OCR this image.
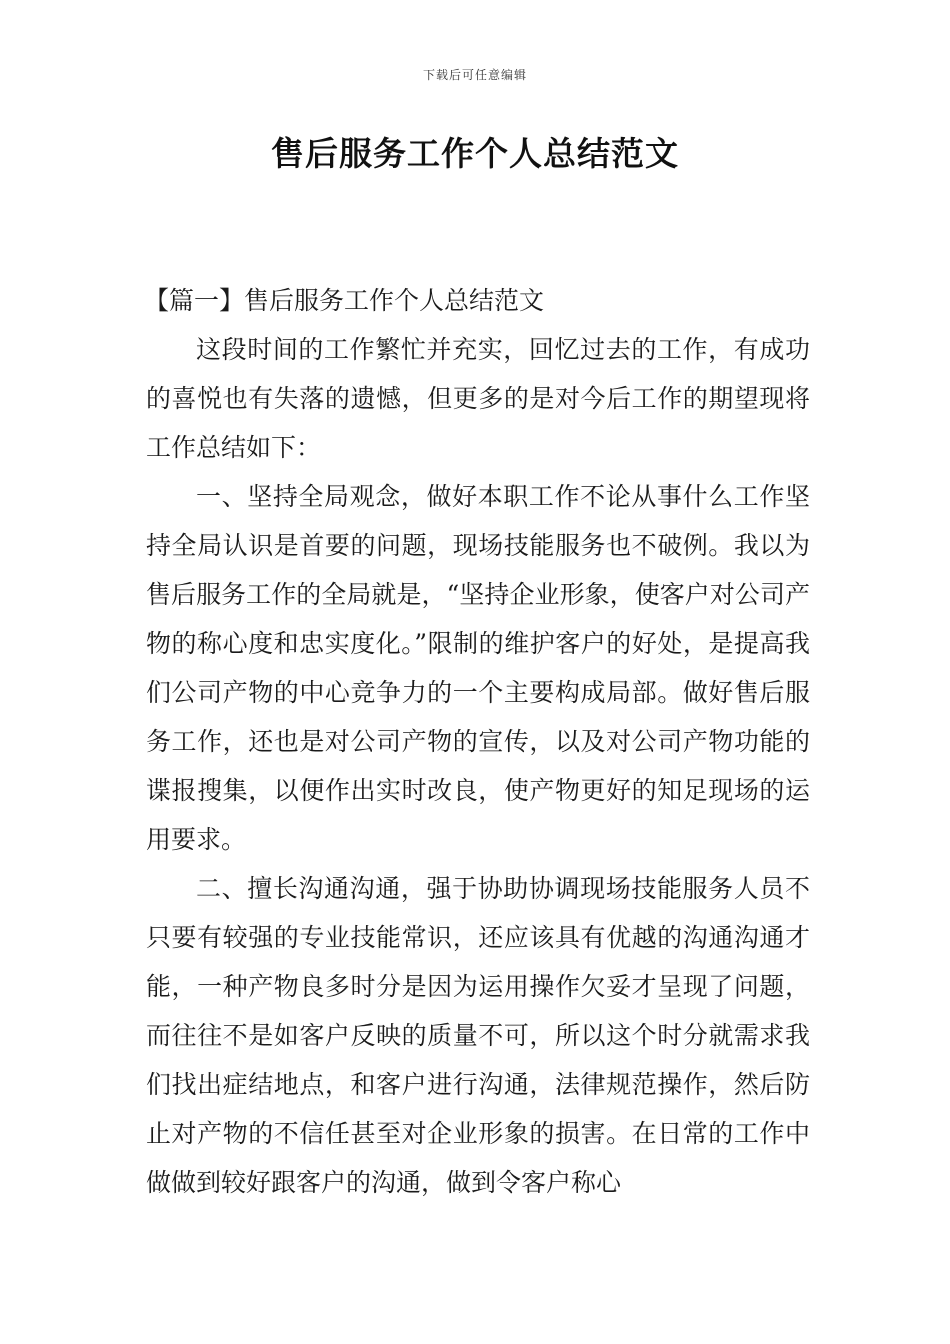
下载后可任意编辑
售后服务工作个人总结范文

【篇一】售后服务工作个人总结范文

这段时间的工作繁忙并充实，回忆过去的工作，有成功的喜悦也有失落的遗憾，但更多的是对今后工作的期望现将工作总结如下：

一、坚持全局观念，做好本职工作不论从事什么工作坚持全局认识是首要的问题，现场技能服务也不破例。我以为售后服务工作的全局就是，“坚持企业形象，使客户对公司产物的称心度和忠实度化。”限制的维护客户的好处，是提高我们公司产物的中心竞争力的一个主要构成局部。做好售后服务工作，还也是对公司产物的宣传，以及对公司产物功能的谍报搜集，以便作出实时改良，使产物更好的知足现场的运用要求。

二、擅长沟通沟通，强于协助协调现场技能服务人员不只要有较强的专业技能常识，还应该具有优越的沟通沟通才能，一种产物良多时分是因为运用操作欠妥才呈现了问题，而往往不是如客户反映的质量不可，所以这个时分就需求我们找出症结地点，和客户进行沟通，法律规范操作，然后防止对产物的不信任甚至对企业形象的损害。在日常的工作中做做到较好跟客户的沟通，做到令客户称心
